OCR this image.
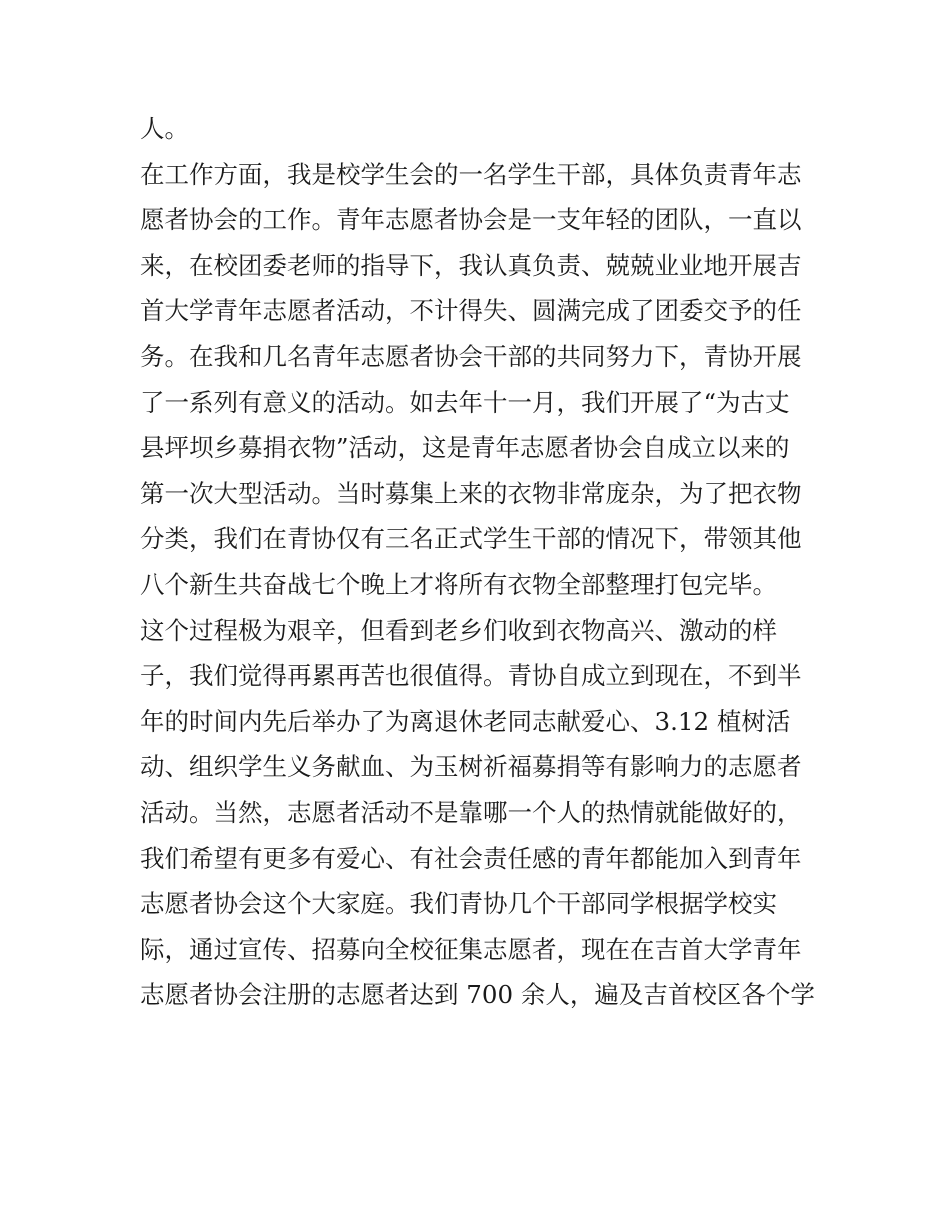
人。
在工作方面，我是校学生会的一名学生干部，具体负责青年志
愿者协会的工作。青年志愿者协会是一支年轻的团队，一直以
来，在校团委老师的指导下，我认真负责、兢兢业业地开展吉
首大学青年志愿者活动，不计得失、圆满完成了团委交予的任
务。在我和几名青年志愿者协会干部的共同努力下，青协开展
了一系列有意义的活动。如去年十一月，我们开展了“为古丈
县坪坝乡募捐衣物”活动，这是青年志愿者协会自成立以来的
第一次大型活动。当时募集上来的衣物非常庞杂，为了把衣物
分类，我们在青协仅有三名正式学生干部的情况下，带领其他
八个新生共奋战七个晚上才将所有衣物全部整理打包完毕。
这个过程极为艰辛，但看到老乡们收到衣物高兴、激动的样
子，我们觉得再累再苦也很值得。青协自成立到现在，不到半
年的时间内先后举办了为离退休老同志献爱心、3.12 植树活
动、组织学生义务献血、为玉树祈福募捐等有影响力的志愿者
活动。当然，志愿者活动不是靠哪一个人的热情就能做好的，
我们希望有更多有爱心、有社会责任感的青年都能加入到青年
志愿者协会这个大家庭。我们青协几个干部同学根据学校实
际，通过宣传、招募向全校征集志愿者，现在在吉首大学青年
志愿者协会注册的志愿者达到 700 余人，遍及吉首校区各个学
